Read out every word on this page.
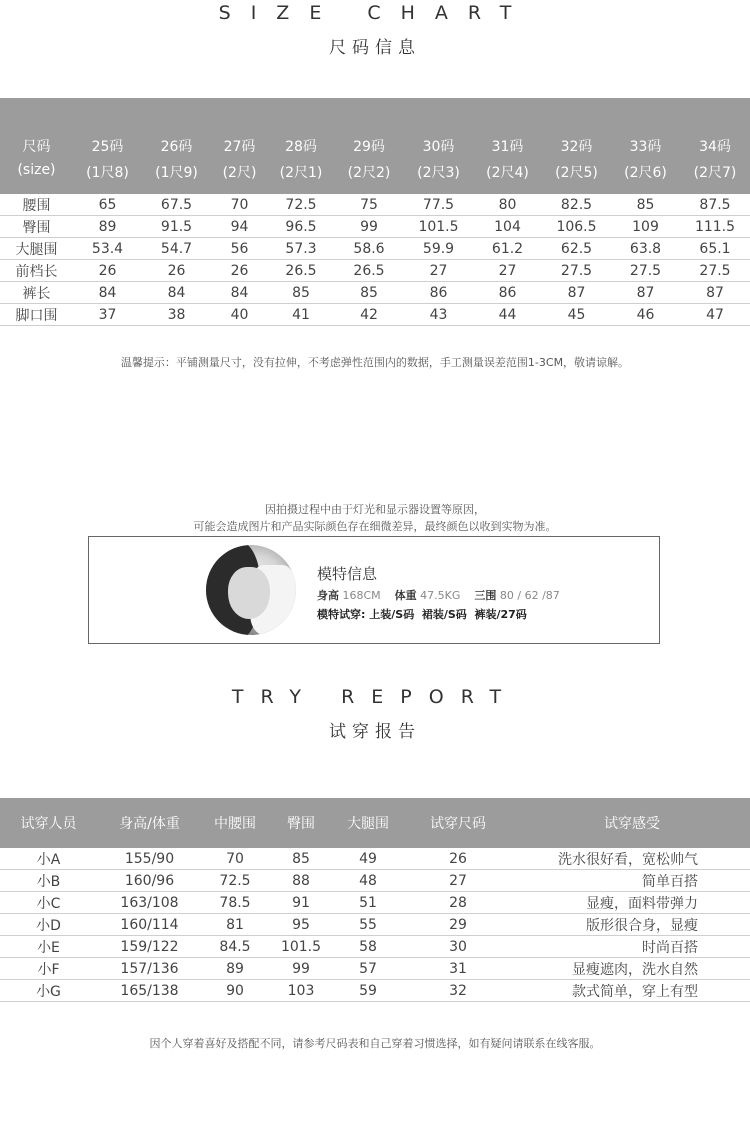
SIZE CHART
尺码信息
尺码	25码	26码	27码	28码	29码	30码	31码	32码	33码	34码
(size)	(1尺8)	(1尺9)	(2尺)	(2尺1)	(2尺2)	(2尺3)	(2尺4)	(2尺5)	(2尺6)	(2尺7)
腰围	65	67.5	70	72.5	75	77.5	80	82.5	85	87.5
臀围	89	91.5	94	96.5	99	101.5	104	106.5	109	111.5
大腿围	53.4	54.7	56	57.3	58.6	59.9	61.2	62.5	63.8	65.1
前档长	26	26	26	26.5	26.5	27	27	27.5	27.5	27.5
裤长	84	84	84	85	85	86	86	87	87	87
脚口围	37	38	40	41	42	43	44	45	46	47
温馨提示：平铺测量尺寸，没有拉伸，不考虑弹性范围内的数据，手工测量误差范围1-3CM，敬请谅解。
因拍摄过程中由于灯光和显示器设置等原因，
可能会造成图片和产品实际颜色存在细微差异，最终颜色以收到实物为准。
模特信息
身高 168CM 体重 47.5KG 三围 80 / 62 /87
模特试穿: 上装/S码  裙装/S码  裤装/27码
TRY REPORT
试穿报告
试穿人员	身高/体重	中腰围	臀围	大腿围	试穿尺码	试穿感受
小A	155/90	70	85	49	26	洗水很好看，宽松帅气
小B	160/96	72.5	88	48	27	简单百搭
小C	163/108	78.5	91	51	28	显瘦，面料带弹力
小D	160/114	81	95	55	29	版形很合身，显瘦
小E	159/122	84.5	101.5	58	30	时尚百搭
小F	157/136	89	99	57	31	显瘦遮肉，洗水自然
小G	165/138	90	103	59	32	款式简单，穿上有型
因个人穿着喜好及搭配不同，请参考尺码表和自己穿着习惯选择，如有疑问请联系在线客服。
